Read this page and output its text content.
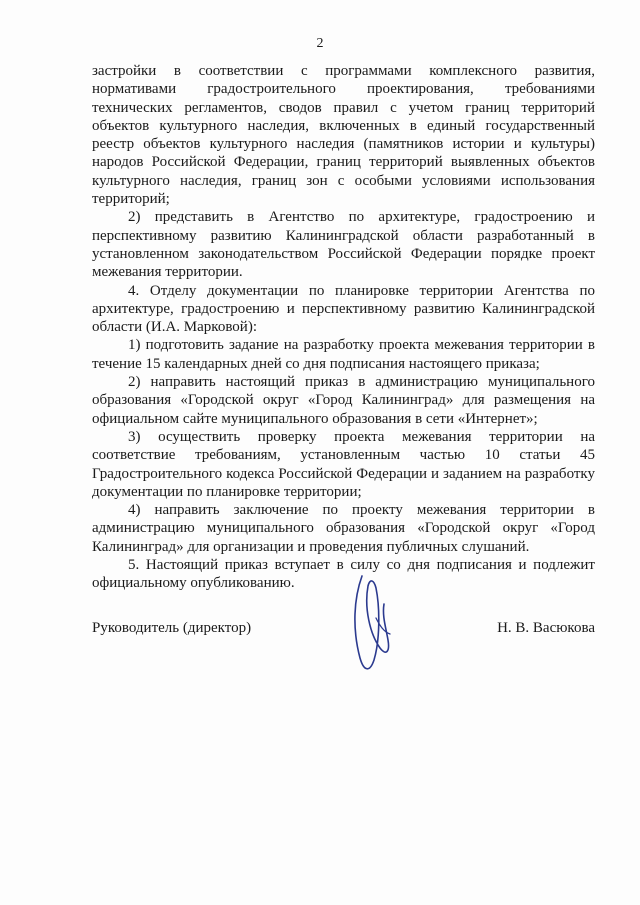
2

застройки в соответствии с программами комплексного развития, нормативами градостроительного проектирования, требованиями технических регламентов, сводов правил с учетом границ территорий объектов культурного наследия, включенных в единый государственный реестр объектов культурного наследия (памятников истории и культуры) народов Российской Федерации, границ территорий выявленных объектов культурного наследия, границ зон с особыми условиями использования территорий;

2) представить в Агентство по архитектуре, градостроению и перспективному развитию Калининградской области разработанный в установленном законодательством Российской Федерации порядке проект межевания территории.

4. Отделу документации по планировке территории Агентства по архитектуре, градостроению и перспективному развитию Калининградской области (И.А. Марковой):

1) подготовить задание на разработку проекта межевания территории в течение 15 календарных дней со дня подписания настоящего приказа;

2) направить настоящий приказ в администрацию муниципального образования «Городской округ «Город Калининград» для размещения на официальном сайте муниципального образования в сети «Интернет»;

3) осуществить проверку проекта межевания территории на соответствие требованиям, установленным частью 10 статьи 45 Градостроительного кодекса Российской Федерации и заданием на разработку документации по планировке территории;

4) направить заключение по проекту межевания территории в администрацию муниципального образования «Городской округ «Город Калининград» для организации и проведения публичных слушаний.

5. Настоящий приказ вступает в силу со дня подписания и подлежит официальному опубликованию.

Руководитель (директор)	Н. В. Васюкова
